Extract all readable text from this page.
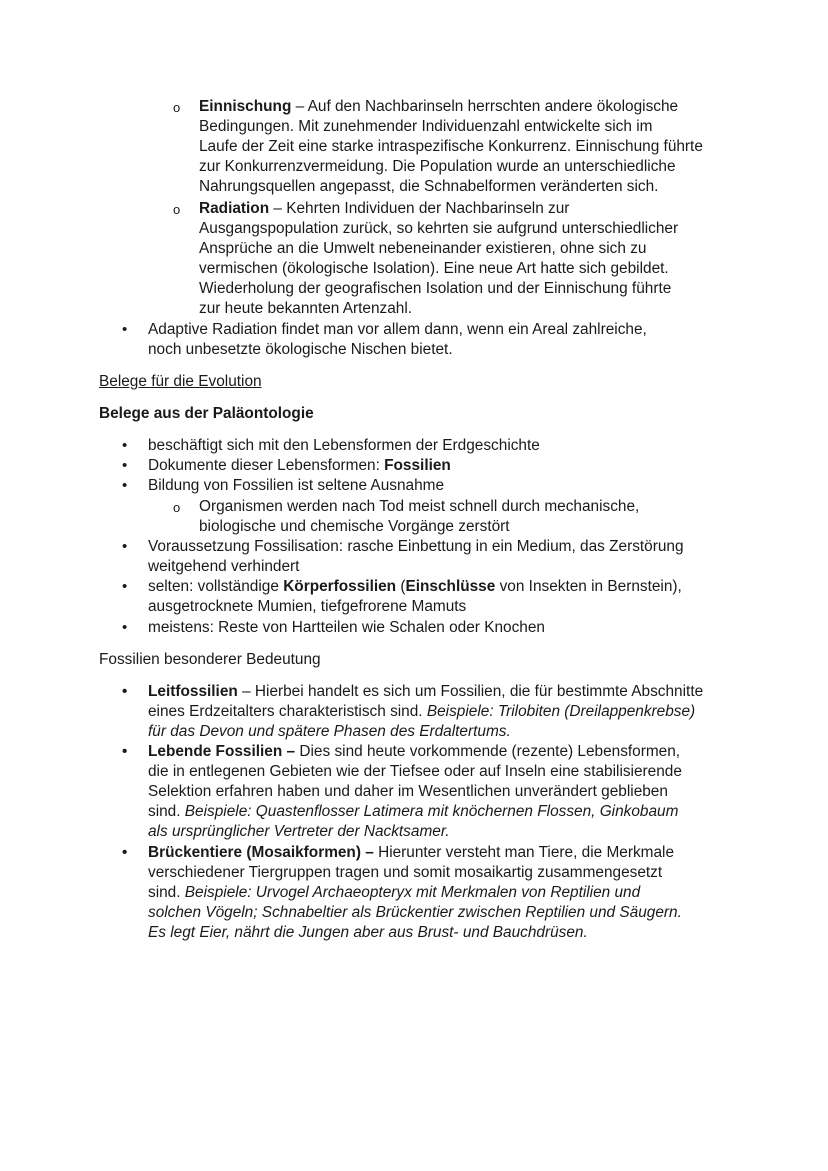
o Einnischung – Auf den Nachbarinseln herrschten andere ökologische
Bedingungen. Mit zunehmender Individuenzahl entwickelte sich im
Laufe der Zeit eine starke intraspezifische Konkurrenz. Einnischung führte
zur Konkurrenzvermeidung. Die Population wurde an unterschiedliche
Nahrungsquellen angepasst, die Schnabelformen veränderten sich.
o Radiation – Kehrten Individuen der Nachbarinseln zur
Ausgangspopulation zurück, so kehrten sie aufgrund unterschiedlicher
Ansprüche an die Umwelt nebeneinander existieren, ohne sich zu
vermischen (ökologische Isolation). Eine neue Art hatte sich gebildet.
Wiederholung der geografischen Isolation und der Einnischung führte
zur heute bekannten Artenzahl.
• Adaptive Radiation findet man vor allem dann, wenn ein Areal zahlreiche,
noch unbesetzte ökologische Nischen bietet.
Belege für die Evolution
Belege aus der Paläontologie
• beschäftigt sich mit den Lebensformen der Erdgeschichte
• Dokumente dieser Lebensformen: Fossilien
• Bildung von Fossilien ist seltene Ausnahme
o Organismen werden nach Tod meist schnell durch mechanische,
biologische und chemische Vorgänge zerstört
• Voraussetzung Fossilisation: rasche Einbettung in ein Medium, das Zerstörung
weitgehend verhindert
• selten: vollständige Körperfossilien (Einschlüsse von Insekten in Bernstein),
ausgetrocknete Mumien, tiefgefrorene Mamuts
• meistens: Reste von Hartteilen wie Schalen oder Knochen
Fossilien besonderer Bedeutung
• Leitfossilien – Hierbei handelt es sich um Fossilien, die für bestimmte Abschnitte
eines Erdzeitalters charakteristisch sind. Beispiele: Trilobiten (Dreilappenkrebse)
für das Devon und spätere Phasen des Erdaltertums.
• Lebende Fossilien – Dies sind heute vorkommende (rezente) Lebensformen,
die in entlegenen Gebieten wie der Tiefsee oder auf Inseln eine stabilisierende
Selektion erfahren haben und daher im Wesentlichen unverändert geblieben
sind. Beispiele: Quastenflosser Latimera mit knöchernen Flossen, Ginkobaum
als ursprünglicher Vertreter der Nacktsamer.
• Brückentiere (Mosaikformen) – Hierunter versteht man Tiere, die Merkmale
verschiedener Tiergruppen tragen und somit mosaikartig zusammengesetzt
sind. Beispiele: Urvogel Archaeopteryx mit Merkmalen von Reptilien und
solchen Vögeln; Schnabeltier als Brückentier zwischen Reptilien und Säugern.
Es legt Eier, nährt die Jungen aber aus Brust- und Bauchdrüsen.
